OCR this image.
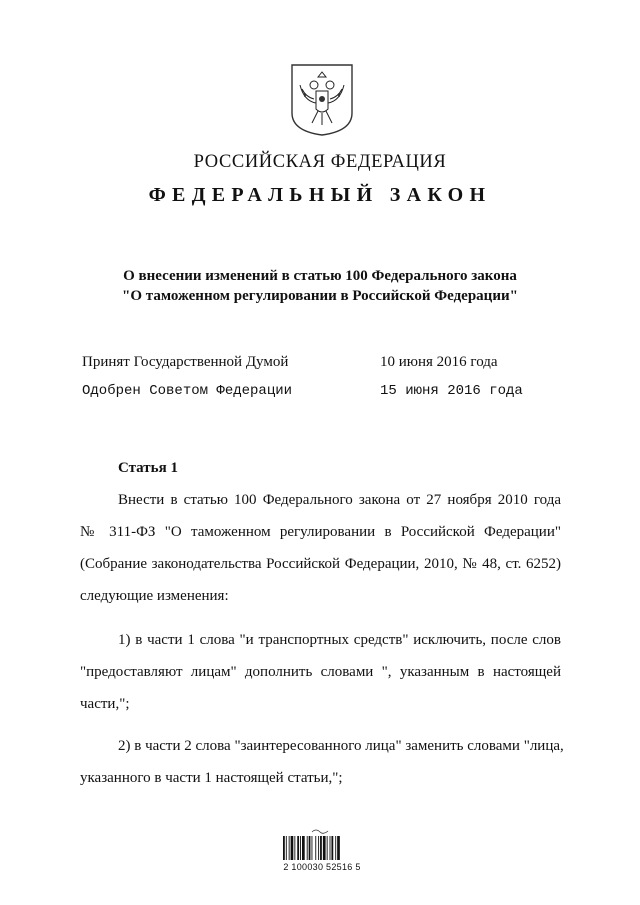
РОССИЙСКАЯ ФЕДЕРАЦИЯ
ФЕДЕРАЛЬНЫЙ ЗАКОН
О внесении изменений в статью 100 Федерального закона
"О таможенном регулировании в Российской Федерации"
Принят Государственной Думой	10 июня 2016 года
Одобрен Советом Федерации	15 июня 2016 года
Статья 1
Внести в статью 100 Федерального закона от 27 ноября 2010 года
№ 311-ФЗ "О таможенном регулировании в Российской Федерации"
(Собрание законодательства Российской Федерации, 2010, № 48, ст. 6252)
следующие изменения:
1) в части 1 слова "и транспортных средств" исключить, после слов
"предоставляют лицам" дополнить словами ", указанным в настоящей
части,";
2) в части 2 слова "заинтересованного лица" заменить словами "лица,
указанного в части 1 настоящей статьи,";
2 100030 52516 5
